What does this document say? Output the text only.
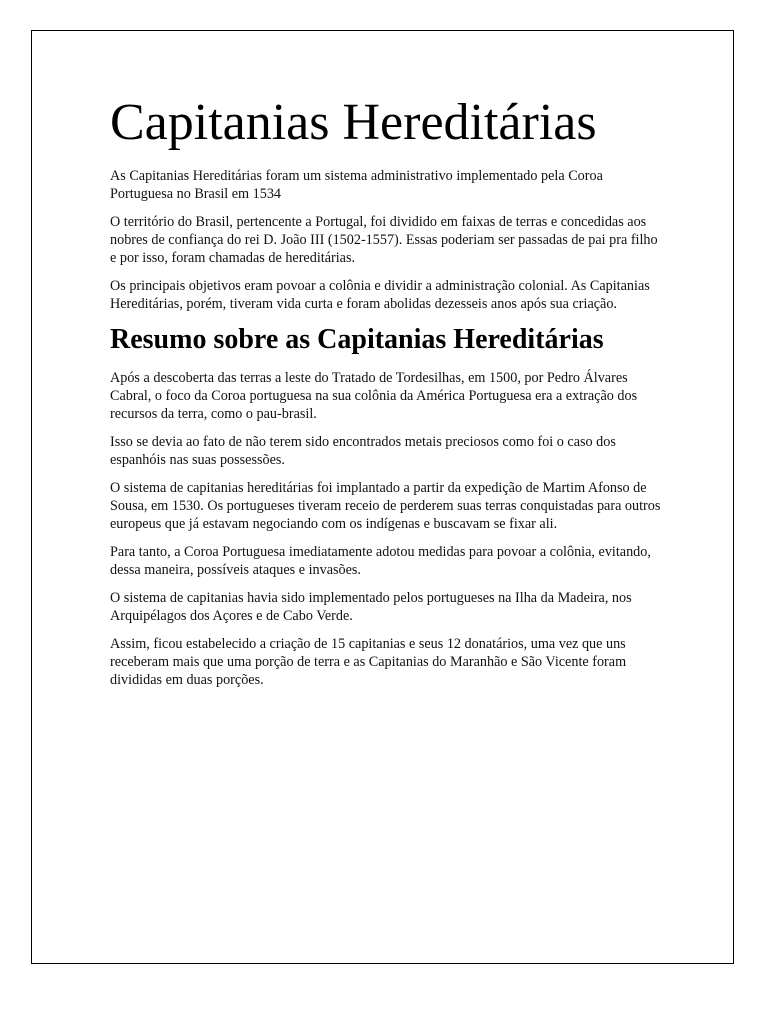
Capitanias Hereditárias

As Capitanias Hereditárias foram um sistema administrativo implementado pela Coroa Portuguesa no Brasil em 1534

O território do Brasil, pertencente a Portugal, foi dividido em faixas de terras e concedidas aos nobres de confiança do rei D. João III (1502-1557). Essas poderiam ser passadas de pai pra filho e por isso, foram chamadas de hereditárias.

Os principais objetivos eram povoar a colônia e dividir a administração colonial. As Capitanias Hereditárias, porém, tiveram vida curta e foram abolidas dezesseis anos após sua criação.

Resumo sobre as Capitanias Hereditárias

Após a descoberta das terras a leste do Tratado de Tordesilhas, em 1500, por Pedro Álvares Cabral, o foco da Coroa portuguesa na sua colônia da América Portuguesa era a extração dos recursos da terra, como o pau-brasil.

Isso se devia ao fato de não terem sido encontrados metais preciosos como foi o caso dos espanhóis nas suas possessões.

O sistema de capitanias hereditárias foi implantado a partir da expedição de Martim Afonso de Sousa, em 1530. Os portugueses tiveram receio de perderem suas terras conquistadas para outros europeus que já estavam negociando com os indígenas e buscavam se fixar ali.

Para tanto, a Coroa Portuguesa imediatamente adotou medidas para povoar a colônia, evitando, dessa maneira, possíveis ataques e invasões.

O sistema de capitanias havia sido implementado pelos portugueses na Ilha da Madeira, nos Arquipélagos dos Açores e de Cabo Verde.

Assim, ficou estabelecido a criação de 15 capitanias e seus 12 donatários, uma vez que uns receberam mais que uma porção de terra e as Capitanias do Maranhão e São Vicente foram divididas em duas porções.
